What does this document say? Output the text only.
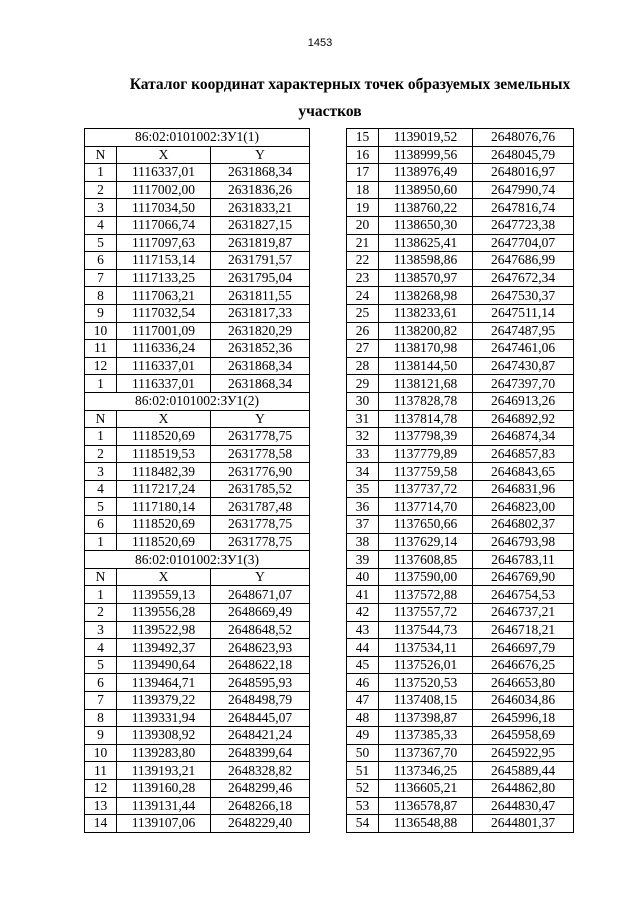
1453
Каталог координат характерных точек образуемых земельных
участков
86:02:0101002:ЗУ1(1)		
N	X	Y
1	1116337,01	2631868,34
2	1117002,00	2631836,26
3	1117034,50	2631833,21
4	1117066,74	2631827,15
5	1117097,63	2631819,87
6	1117153,14	2631791,57
7	1117133,25	2631795,04
8	1117063,21	2631811,55
9	1117032,54	2631817,33
10	1117001,09	2631820,29
11	1116336,24	2631852,36
12	1116337,01	2631868,34
1	1116337,01	2631868,34
86:02:0101002:ЗУ1(2)		
N	X	Y
1	1118520,69	2631778,75
2	1118519,53	2631778,58
3	1118482,39	2631776,90
4	1117217,24	2631785,52
5	1117180,14	2631787,48
6	1118520,69	2631778,75
1	1118520,69	2631778,75
86:02:0101002:ЗУ1(3)		
N	X	Y
1	1139559,13	2648671,07
2	1139556,28	2648669,49
3	1139522,98	2648648,52
4	1139492,37	2648623,93
5	1139490,64	2648622,18
6	1139464,71	2648595,93
7	1139379,22	2648498,79
8	1139331,94	2648445,07
9	1139308,92	2648421,24
10	1139283,80	2648399,64
11	1139193,21	2648328,82
12	1139160,28	2648299,46
13	1139131,44	2648266,18
14	1139107,06	2648229,40
15	1139019,52	2648076,76
16	1138999,56	2648045,79
17	1138976,49	2648016,97
18	1138950,60	2647990,74
19	1138760,22	2647816,74
20	1138650,30	2647723,38
21	1138625,41	2647704,07
22	1138598,86	2647686,99
23	1138570,97	2647672,34
24	1138268,98	2647530,37
25	1138233,61	2647511,14
26	1138200,82	2647487,95
27	1138170,98	2647461,06
28	1138144,50	2647430,87
29	1138121,68	2647397,70
30	1137828,78	2646913,26
31	1137814,78	2646892,92
32	1137798,39	2646874,34
33	1137779,89	2646857,83
34	1137759,58	2646843,65
35	1137737,72	2646831,96
36	1137714,70	2646823,00
37	1137650,66	2646802,37
38	1137629,14	2646793,98
39	1137608,85	2646783,11
40	1137590,00	2646769,90
41	1137572,88	2646754,53
42	1137557,72	2646737,21
43	1137544,73	2646718,21
44	1137534,11	2646697,79
45	1137526,01	2646676,25
46	1137520,53	2646653,80
47	1137408,15	2646034,86
48	1137398,87	2645996,18
49	1137385,33	2645958,69
50	1137367,70	2645922,95
51	1137346,25	2645889,44
52	1136605,21	2644862,80
53	1136578,87	2644830,47
54	1136548,88	2644801,37
